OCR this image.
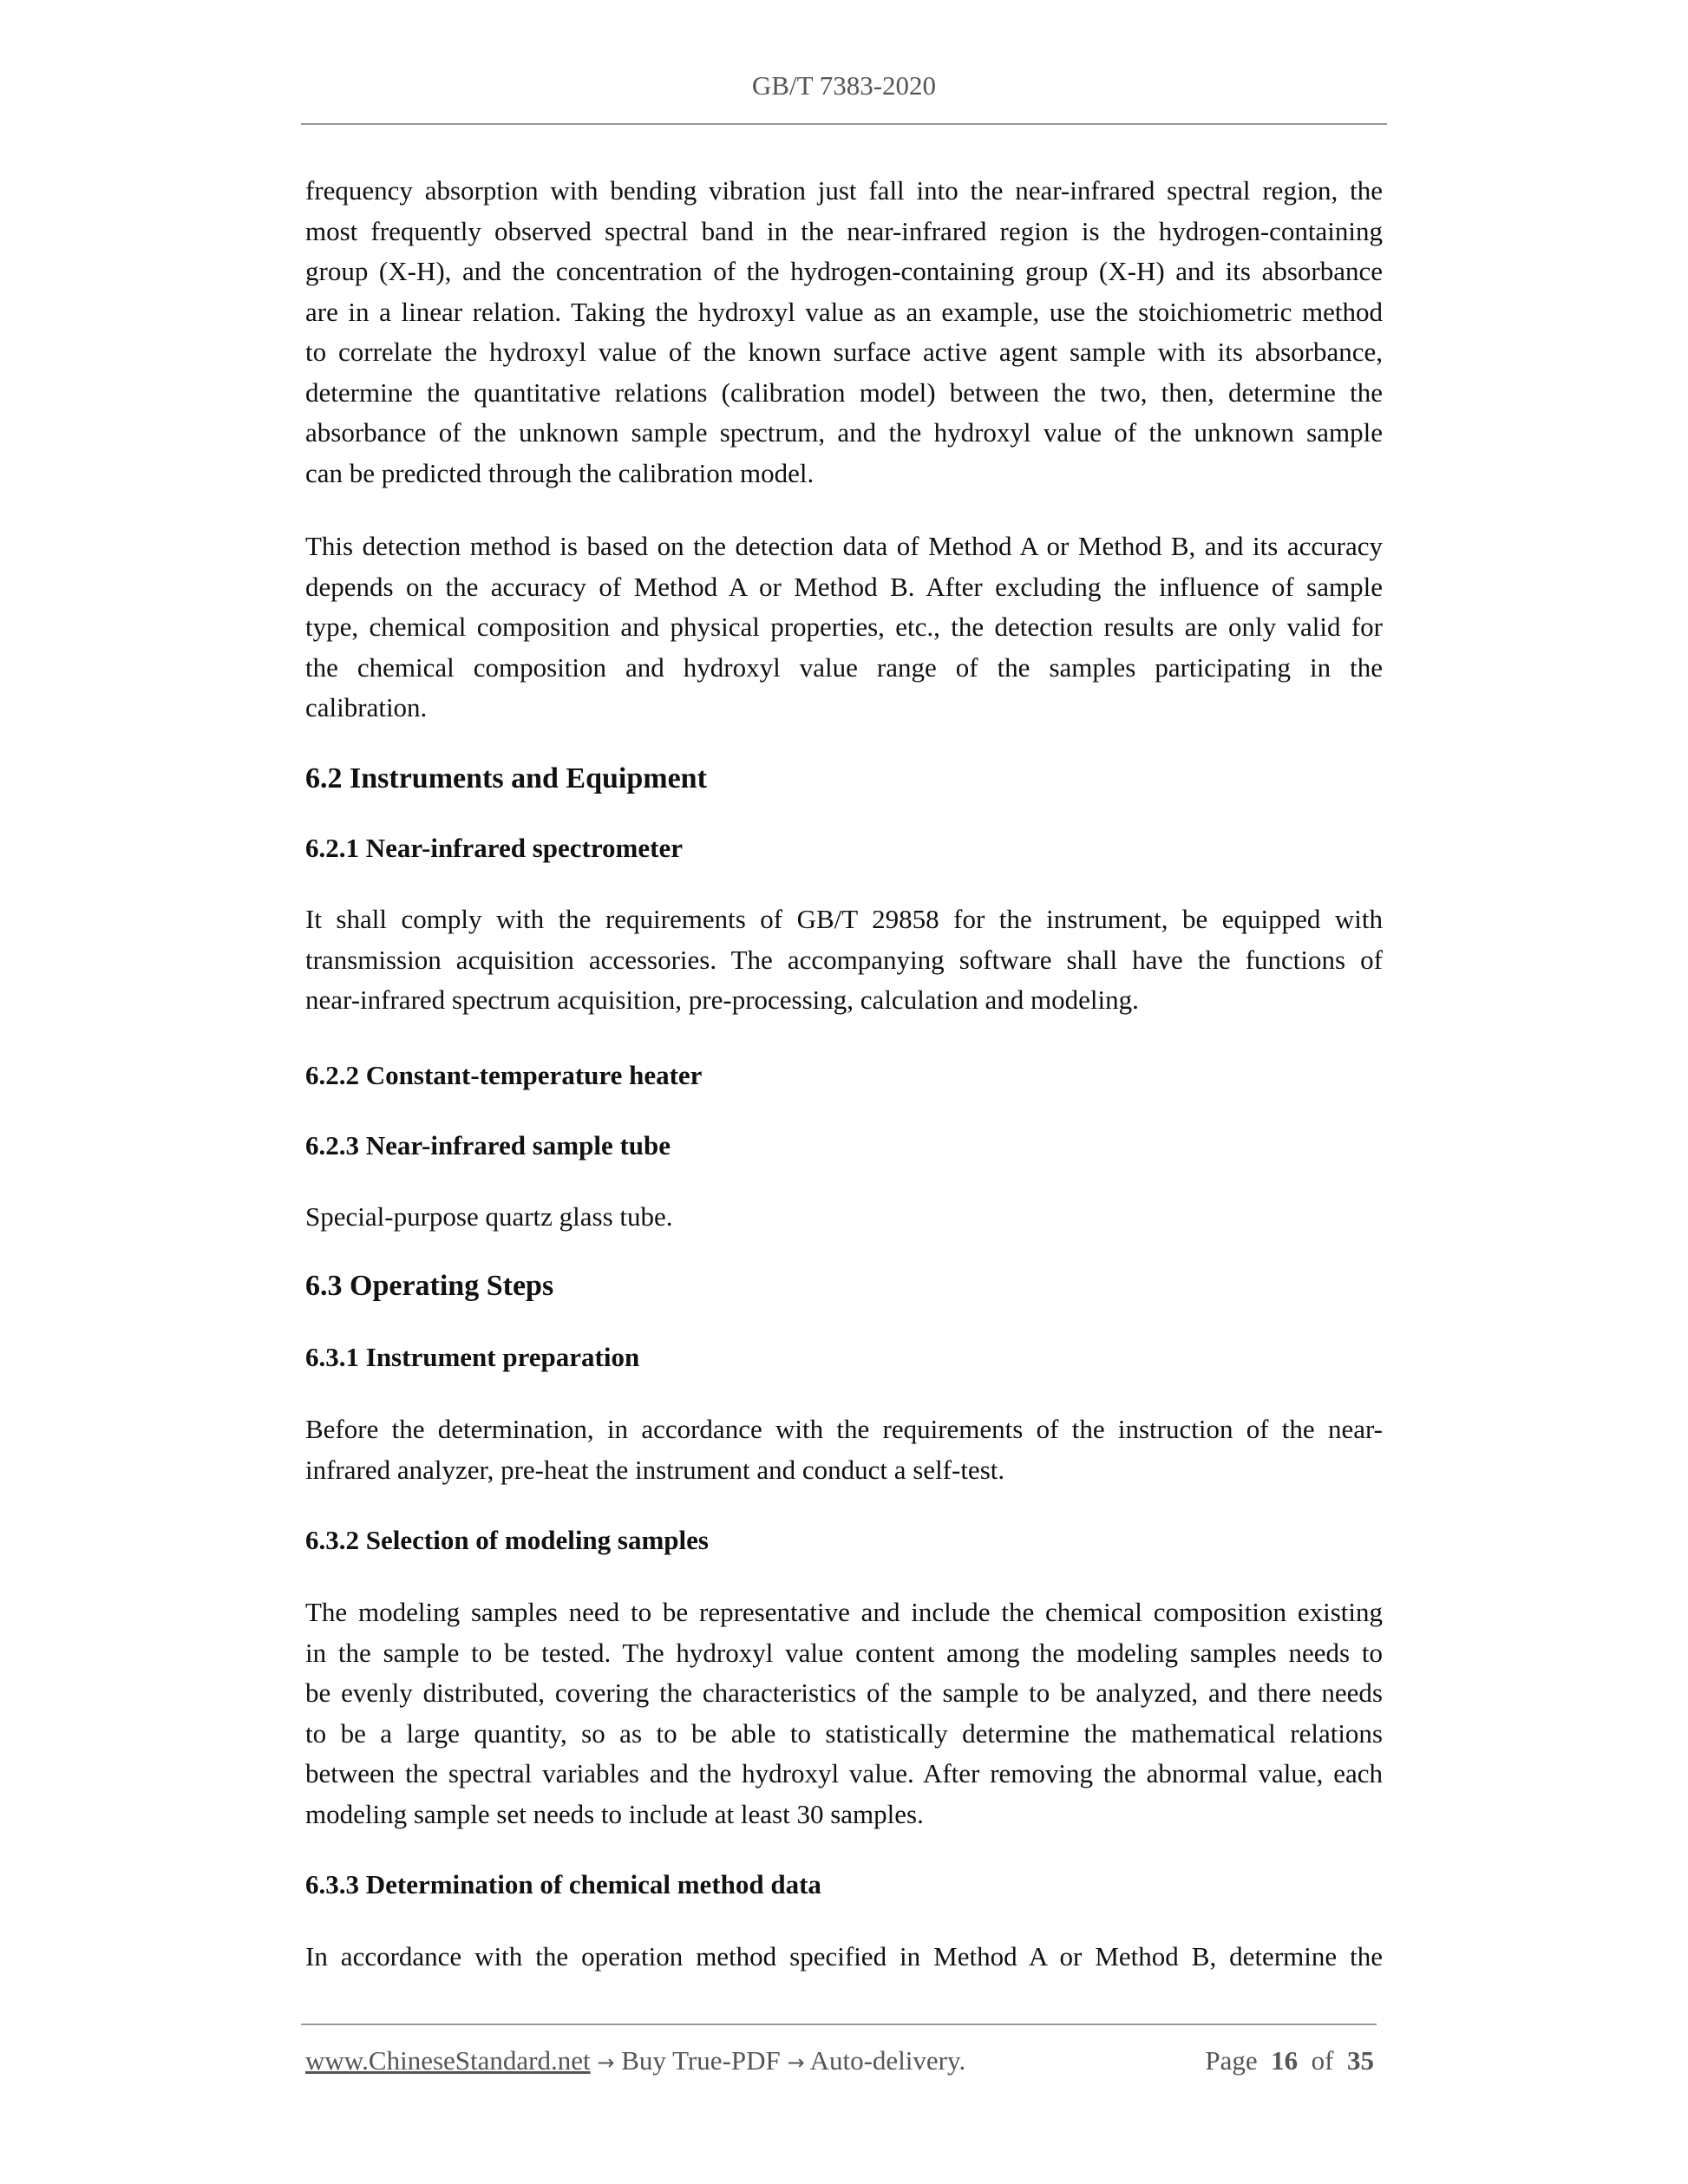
GB/T 7383-2020
frequency absorption with bending vibration just fall into the near-infrared spectral region, the
most frequently observed spectral band in the near-infrared region is the hydrogen-containing
group (X-H), and the concentration of the hydrogen-containing group (X-H) and its absorbance
are in a linear relation. Taking the hydroxyl value as an example, use the stoichiometric method
to correlate the hydroxyl value of the known surface active agent sample with its absorbance,
determine the quantitative relations (calibration model) between the two, then, determine the
absorbance of the unknown sample spectrum, and the hydroxyl value of the unknown sample
can be predicted through the calibration model.
This detection method is based on the detection data of Method A or Method B, and its accuracy
depends on the accuracy of Method A or Method B. After excluding the influence of sample
type, chemical composition and physical properties, etc., the detection results are only valid for
the chemical composition and hydroxyl value range of the samples participating in the
calibration.
6.2 Instruments and Equipment
6.2.1 Near-infrared spectrometer
It shall comply with the requirements of GB/T 29858 for the instrument, be equipped with
transmission acquisition accessories. The accompanying software shall have the functions of
near-infrared spectrum acquisition, pre-processing, calculation and modeling.
6.2.2 Constant-temperature heater
6.2.3 Near-infrared sample tube
Special-purpose quartz glass tube.
6.3 Operating Steps
6.3.1 Instrument preparation
Before the determination, in accordance with the requirements of the instruction of the near-
infrared analyzer, pre-heat the instrument and conduct a self-test.
6.3.2 Selection of modeling samples
The modeling samples need to be representative and include the chemical composition existing
in the sample to be tested. The hydroxyl value content among the modeling samples needs to
be evenly distributed, covering the characteristics of the sample to be analyzed, and there needs
to be a large quantity, so as to be able to statistically determine the mathematical relations
between the spectral variables and the hydroxyl value. After removing the abnormal value, each
modeling sample set needs to include at least 30 samples.
6.3.3 Determination of chemical method data
In accordance with the operation method specified in Method A or Method B, determine the
www.ChineseStandard.net → Buy True-PDF → Auto-delivery.	Page 16 of 35
